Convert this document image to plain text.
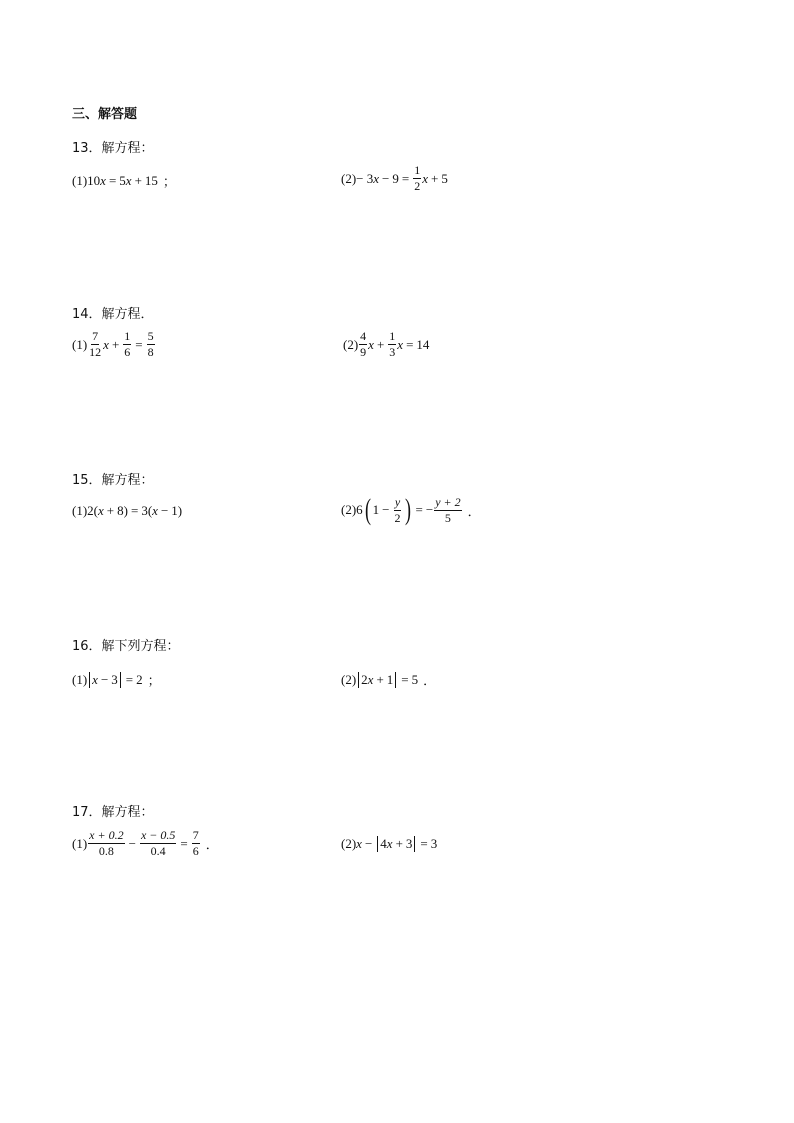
三、解答题
13．解方程：
(1) 10 x = 5 x + 15 ；	(2) − 3 $x - 9 = \frac{1}{2}$ x + 5
14．解方程．
$(1) \frac{7}{12}$ $x + \frac{1}{6} = \frac{5}{8}$	$(2) \frac{4}{9}$ $x + \frac{1}{3}$ x = 14
15．解方程：
(1) 2 ( x + 8 ) = 3 ( x − 1 )	(2) 6 ( $1 - \frac{y}{2}$ ) = − $\frac{y + 2}{5}$ ．
16．解下列方程：
(1) x − 3 = 2 ；	(2) 2 x + 1 = 5 ．
17．解方程：
$(1) \frac{x + 0.2}{0.8} - \frac{x - 0.5}{0.4} = \frac{7}{6}$ ．	(2) x − 4 x + 3 = 3
